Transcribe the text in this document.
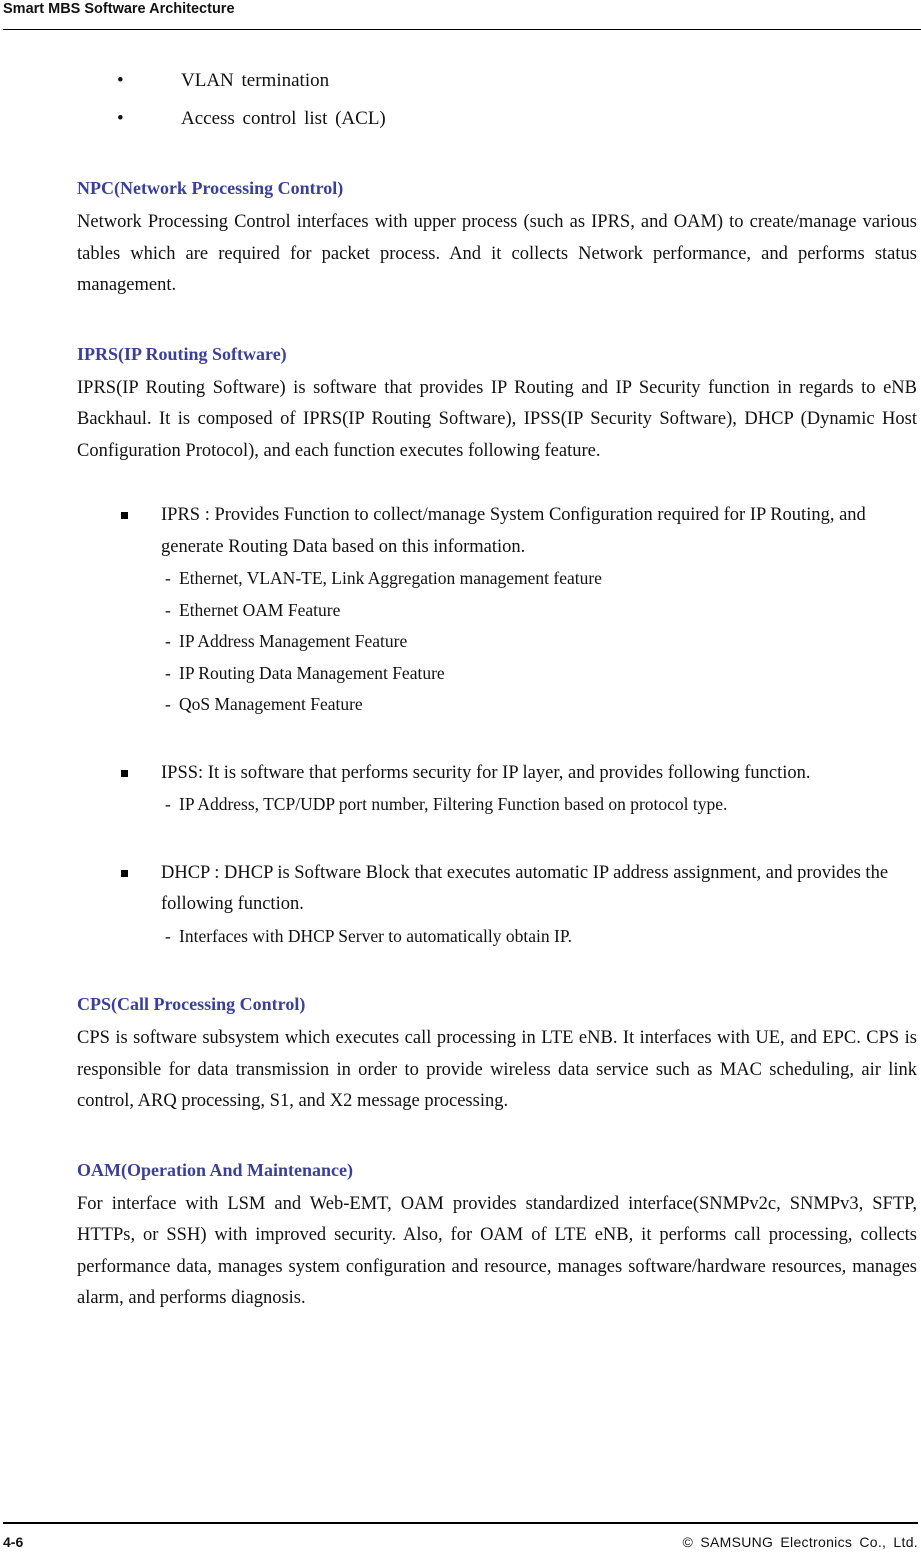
Smart MBS Software Architecture
•	VLAN termination
•	Access control list (ACL)
NPC(Network Processing Control)

Network Processing Control interfaces with upper process (such as IPRS, and OAM) to create/manage various tables which are required for packet process. And it collects Network performance, and performs status management.

IPRS(IP Routing Software)

IPRS(IP Routing Software) is software that provides IP Routing and IP Security function in regards to eNB Backhaul. It is composed of IPRS(IP Routing Software), IPSS(IP Security Software), DHCP (Dynamic Host Configuration Protocol), and each function executes following feature.

IPRS : Provides Function to collect/manage System Configuration required for IP Routing, and generate Routing Data based on this information.

- Ethernet, VLAN-TE, Link Aggregation management feature
- Ethernet OAM Feature
- IP Address Management Feature
- IP Routing Data Management Feature
- QoS Management Feature

IPSS: It is software that performs security for IP layer, and provides following function.

- IP Address, TCP/UDP port number, Filtering Function based on protocol type.

DHCP : DHCP is Software Block that executes automatic IP address assignment, and provides the following function.

- Interfaces with DHCP Server to automatically obtain IP.
CPS(Call Processing Control)

CPS is software subsystem which executes call processing in LTE eNB. It interfaces with UE, and EPC. CPS is responsible for data transmission in order to provide wireless data service such as MAC scheduling, air link control, ARQ processing, S1, and X2 message processing.

OAM(Operation And Maintenance)

For interface with LSM and Web-EMT, OAM provides standardized interface(SNMPv2c, SNMPv3, SFTP, HTTPs, or SSH) with improved security. Also, for OAM of LTE eNB, it performs call processing, collects performance data, manages system configuration and resource, manages software/hardware resources, manages alarm, and performs diagnosis.

4-6	© SAMSUNG Electronics Co., Ltd.
